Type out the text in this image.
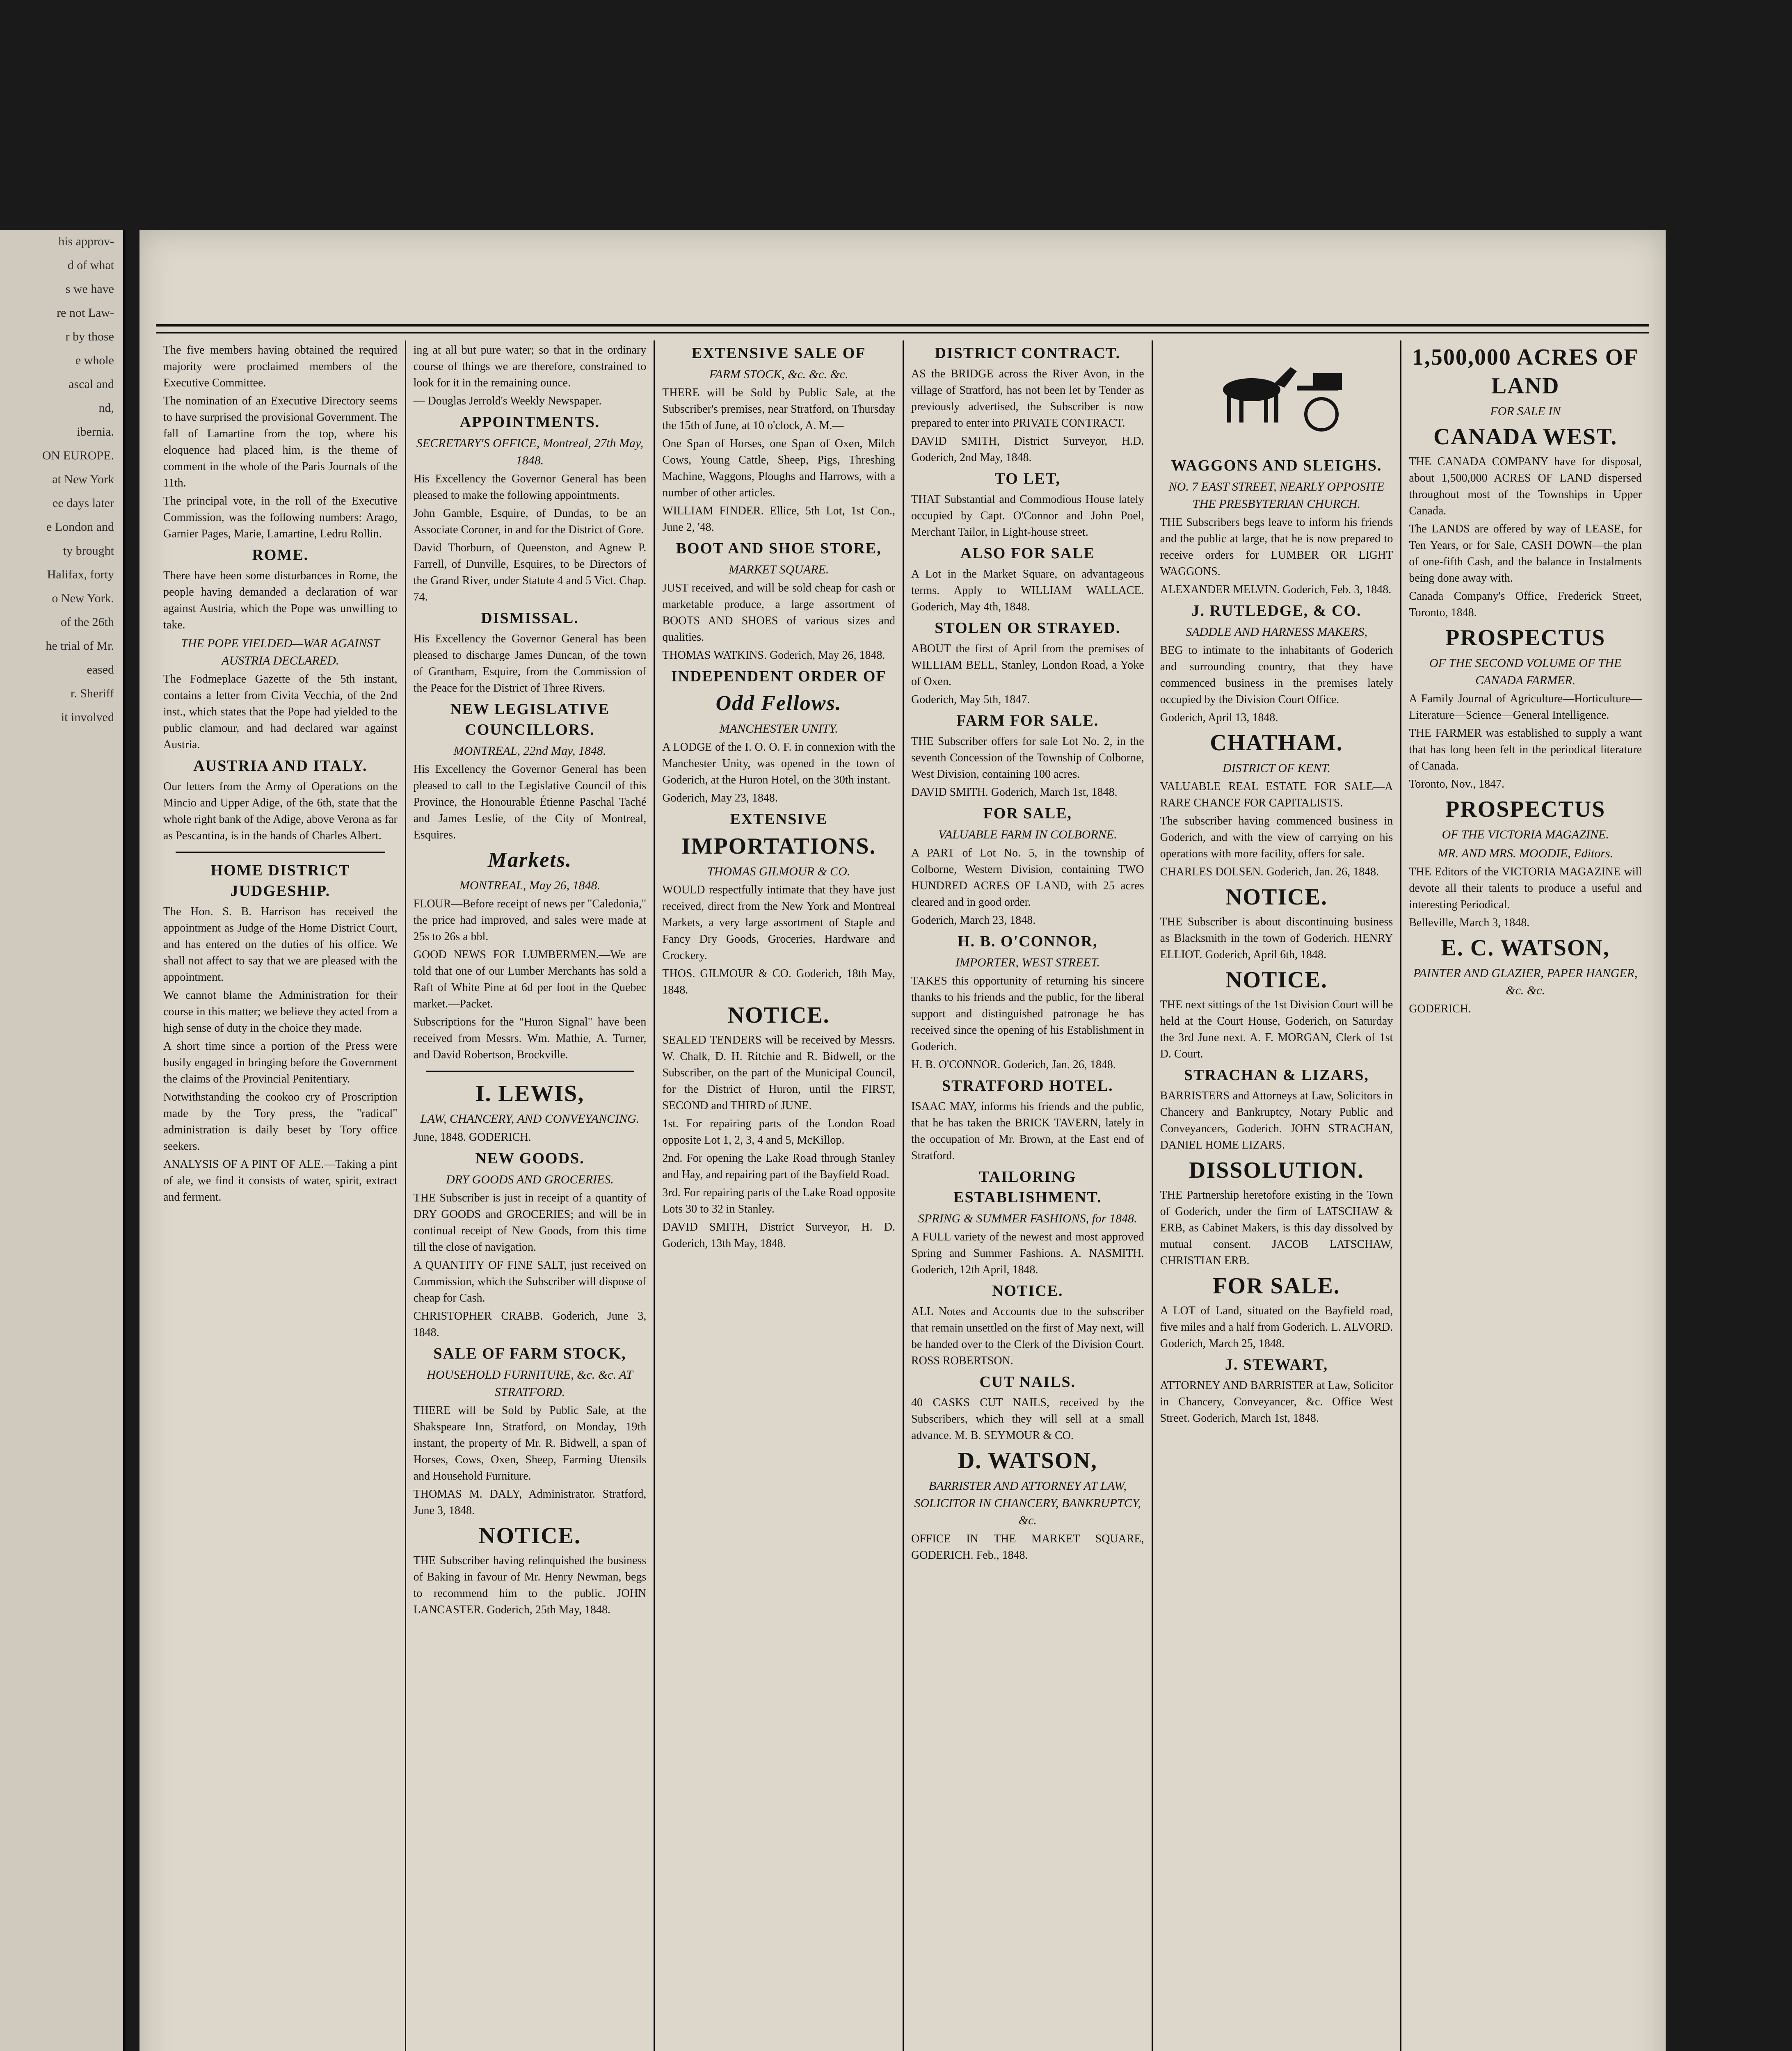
his approv-
d of what
s we have
re not Law-
r by those
e whole
ascal and
nd,
ibernia.
ON EUROPE.
at New York
ee days later
e London and
ty brought
Halifax, forty
o New York.
of the 26th
he trial of Mr.
eased
r. Sheriff
it involved
The five members having obtained the required majority were proclaimed members of the Executive Committee.
The nomination of an Executive Directory seems to have surprised the provisional Government. The fall of Lamartine from the top, where his eloquence had placed him, is the theme of comment in the whole of the Paris Journals of the 11th.
The principal vote, in the roll of the Executive Commission, was the following numbers: Arago, Garnier Pages, Marie, Lamartine, Ledru Rollin.
ROME.
There have been some disturbances in Rome, the people having demanded a declaration of war against Austria, which the Pope was unwilling to take.
THE POPE YIELDED—WAR AGAINST AUSTRIA DECLARED.
The Fodmeplace Gazette of the 5th instant, contains a letter from Civita Vecchia, of the 2nd inst., which states that the Pope had yielded to the public clamour, and had declared war against Austria.
AUSTRIA AND ITALY.
Our letters from the Army of Operations on the Mincio and Upper Adige, of the 6th, state that the whole right bank of the Adige, above Verona as far as Pescantina, is in the hands of Charles Albert.
HOME DISTRICT JUDGESHIP.
The Hon. S. B. Harrison has received the appointment as Judge of the Home District Court, and has entered on the duties of his office. We shall not affect to say that we are pleased with the appointment.
We cannot blame the Administration for their course in this matter; we believe they acted from a high sense of duty in the choice they made.
A short time since a portion of the Press were busily engaged in bringing before the Government the claims of the Provincial Penitentiary.
Notwithstanding the cookoo cry of Proscription made by the Tory press, the "radical" administration is daily beset by Tory office seekers.
ANALYSIS OF A PINT OF ALE.—Taking a pint of ale, we find it consists of water, spirit, extract and ferment.
ing at all but pure water; so that in the ordinary course of things we are therefore, constrained to look for it in the remaining ounce.
— Douglas Jerrold's Weekly Newspaper.
APPOINTMENTS.
SECRETARY'S OFFICE, Montreal, 27th May, 1848.
His Excellency the Governor General has been pleased to make the following appointments.
John Gamble, Esquire, of Dundas, to be an Associate Coroner, in and for the District of Gore.
David Thorburn, of Queenston, and Agnew P. Farrell, of Dunville, Esquires, to be Directors of the Grand River, under Statute 4 and 5 Vict. Chap. 74.
DISMISSAL.
His Excellency the Governor General has been pleased to discharge James Duncan, of the town of Grantham, Esquire, from the Commission of the Peace for the District of Three Rivers.
NEW LEGISLATIVE COUNCILLORS.
MONTREAL, 22nd May, 1848.
His Excellency the Governor General has been pleased to call to the Legislative Council of this Province, the Honourable Étienne Paschal Taché and James Leslie, of the City of Montreal, Esquires.
Markets.
MONTREAL, May 26, 1848.
FLOUR—Before receipt of news per "Caledonia," the price had improved, and sales were made at 25s to 26s a bbl.
GOOD NEWS FOR LUMBERMEN.—We are told that one of our Lumber Merchants has sold a Raft of White Pine at 6d per foot in the Quebec market.—Packet.
Subscriptions for the "Huron Signal" have been received from Messrs. Wm. Mathie, A. Turner, and David Robertson, Brockville.
I. LEWIS,
LAW, CHANCERY, AND CONVEYANCING.
June, 1848. GODERICH.
NEW GOODS.
DRY GOODS AND GROCERIES.
THE Subscriber is just in receipt of a quantity of DRY GOODS and GROCERIES; and will be in continual receipt of New Goods, from this time till the close of navigation.
A QUANTITY OF FINE SALT, just received on Commission, which the Subscriber will dispose of cheap for Cash.
CHRISTOPHER CRABB. Goderich, June 3, 1848.
SALE OF FARM STOCK,
HOUSEHOLD FURNITURE, &c. &c. AT STRATFORD.
THERE will be Sold by Public Sale, at the Shakspeare Inn, Stratford, on Monday, 19th instant, the property of Mr. R. Bidwell, a span of Horses, Cows, Oxen, Sheep, Farming Utensils and Household Furniture.
THOMAS M. DALY, Administrator. Stratford, June 3, 1848.
NOTICE.
THE Subscriber having relinquished the business of Baking in favour of Mr. Henry Newman, begs to recommend him to the public. JOHN LANCASTER. Goderich, 25th May, 1848.
EXTENSIVE SALE OF
FARM STOCK, &c. &c. &c.
THERE will be Sold by Public Sale, at the Subscriber's premises, near Stratford, on Thursday the 15th of June, at 10 o'clock, A. M.—
One Span of Horses, one Span of Oxen, Milch Cows, Young Cattle, Sheep, Pigs, Threshing Machine, Waggons, Ploughs and Harrows, with a number of other articles.
WILLIAM FINDER. Ellice, 5th Lot, 1st Con., June 2, '48.
BOOT AND SHOE STORE,
MARKET SQUARE.
JUST received, and will be sold cheap for cash or marketable produce, a large assortment of BOOTS AND SHOES of various sizes and qualities.
THOMAS WATKINS. Goderich, May 26, 1848.
INDEPENDENT ORDER OF
Odd Fellows.
MANCHESTER UNITY.
A LODGE of the I. O. O. F. in connexion with the Manchester Unity, was opened in the town of Goderich, at the Huron Hotel, on the 30th instant.
Goderich, May 23, 1848.
EXTENSIVE
IMPORTATIONS.
THOMAS GILMOUR & CO.
WOULD respectfully intimate that they have just received, direct from the New York and Montreal Markets, a very large assortment of Staple and Fancy Dry Goods, Groceries, Hardware and Crockery.
THOS. GILMOUR & CO. Goderich, 18th May, 1848.
NOTICE.
SEALED TENDERS will be received by Messrs. W. Chalk, D. H. Ritchie and R. Bidwell, or the Subscriber, on the part of the Municipal Council, for the District of Huron, until the FIRST, SECOND and THIRD of JUNE.
1st. For repairing parts of the London Road opposite Lot 1, 2, 3, 4 and 5, McKillop.
2nd. For opening the Lake Road through Stanley and Hay, and repairing part of the Bayfield Road.
3rd. For repairing parts of the Lake Road opposite Lots 30 to 32 in Stanley.
DAVID SMITH, District Surveyor, H. D. Goderich, 13th May, 1848.
DISTRICT CONTRACT.
AS the BRIDGE across the River Avon, in the village of Stratford, has not been let by Tender as previously advertised, the Subscriber is now prepared to enter into PRIVATE CONTRACT.
DAVID SMITH, District Surveyor, H.D. Goderich, 2nd May, 1848.
TO LET,
THAT Substantial and Commodious House lately occupied by Capt. O'Connor and John Poel, Merchant Tailor, in Light-house street.
ALSO FOR SALE
A Lot in the Market Square, on advantageous terms. Apply to WILLIAM WALLACE. Goderich, May 4th, 1848.
STOLEN OR STRAYED.
ABOUT the first of April from the premises of WILLIAM BELL, Stanley, London Road, a Yoke of Oxen.
Goderich, May 5th, 1847.
FARM FOR SALE.
THE Subscriber offers for sale Lot No. 2, in the seventh Concession of the Township of Colborne, West Division, containing 100 acres.
DAVID SMITH. Goderich, March 1st, 1848.
FOR SALE,
VALUABLE FARM IN COLBORNE.
A PART of Lot No. 5, in the township of Colborne, Western Division, containing TWO HUNDRED ACRES OF LAND, with 25 acres cleared and in good order.
Goderich, March 23, 1848.
H. B. O'CONNOR,
IMPORTER, WEST STREET.
TAKES this opportunity of returning his sincere thanks to his friends and the public, for the liberal support and distinguished patronage he has received since the opening of his Establishment in Goderich.
H. B. O'CONNOR. Goderich, Jan. 26, 1848.
STRATFORD HOTEL.
ISAAC MAY, informs his friends and the public, that he has taken the BRICK TAVERN, lately in the occupation of Mr. Brown, at the East end of Stratford.
TAILORING ESTABLISHMENT.
SPRING & SUMMER FASHIONS, for 1848.
A FULL variety of the newest and most approved Spring and Summer Fashions. A. NASMITH. Goderich, 12th April, 1848.
NOTICE.
ALL Notes and Accounts due to the subscriber that remain unsettled on the first of May next, will be handed over to the Clerk of the Division Court. ROSS ROBERTSON.
CUT NAILS.
40 CASKS CUT NAILS, received by the Subscribers, which they will sell at a small advance. M. B. SEYMOUR & CO.
D. WATSON,
BARRISTER AND ATTORNEY AT LAW, SOLICITOR IN CHANCERY, BANKRUPTCY, &c.
OFFICE IN THE MARKET SQUARE, GODERICH. Feb., 1848.
WAGGONS AND SLEIGHS.
NO. 7 EAST STREET, NEARLY OPPOSITE THE PRESBYTERIAN CHURCH.
THE Subscribers begs leave to inform his friends and the public at large, that he is now prepared to receive orders for LUMBER OR LIGHT WAGGONS.
ALEXANDER MELVIN. Goderich, Feb. 3, 1848.
J. RUTLEDGE, & CO.
SADDLE AND HARNESS MAKERS,
BEG to intimate to the inhabitants of Goderich and surrounding country, that they have commenced business in the premises lately occupied by the Division Court Office.
Goderich, April 13, 1848.
CHATHAM.
DISTRICT OF KENT.
VALUABLE REAL ESTATE FOR SALE—A RARE CHANCE FOR CAPITALISTS.
The subscriber having commenced business in Goderich, and with the view of carrying on his operations with more facility, offers for sale.
CHARLES DOLSEN. Goderich, Jan. 26, 1848.
NOTICE.
THE Subscriber is about discontinuing business as Blacksmith in the town of Goderich. HENRY ELLIOT. Goderich, April 6th, 1848.
NOTICE.
THE next sittings of the 1st Division Court will be held at the Court House, Goderich, on Saturday the 3rd June next. A. F. MORGAN, Clerk of 1st D. Court.
STRACHAN & LIZARS,
BARRISTERS and Attorneys at Law, Solicitors in Chancery and Bankruptcy, Notary Public and Conveyancers, Goderich. JOHN STRACHAN, DANIEL HOME LIZARS.
DISSOLUTION.
THE Partnership heretofore existing in the Town of Goderich, under the firm of LATSCHAW & ERB, as Cabinet Makers, is this day dissolved by mutual consent. JACOB LATSCHAW, CHRISTIAN ERB.
FOR SALE.
A LOT of Land, situated on the Bayfield road, five miles and a half from Goderich. L. ALVORD. Goderich, March 25, 1848.
J. STEWART,
ATTORNEY AND BARRISTER at Law, Solicitor in Chancery, Conveyancer, &c. Office West Street. Goderich, March 1st, 1848.
1,500,000 ACRES OF LAND
FOR SALE IN
CANADA WEST.
THE CANADA COMPANY have for disposal, about 1,500,000 ACRES OF LAND dispersed throughout most of the Townships in Upper Canada.
The LANDS are offered by way of LEASE, for Ten Years, or for Sale, CASH DOWN—the plan of one-fifth Cash, and the balance in Instalments being done away with.
Canada Company's Office, Frederick Street, Toronto, 1848.
PROSPECTUS
OF THE SECOND VOLUME OF THE CANADA FARMER.
A Family Journal of Agriculture—Horticulture—Literature—Science—General Intelligence.
THE FARMER was established to supply a want that has long been felt in the periodical literature of Canada.
Toronto, Nov., 1847.
PROSPECTUS
OF THE VICTORIA MAGAZINE.
MR. AND MRS. MOODIE, Editors.
THE Editors of the VICTORIA MAGAZINE will devote all their talents to produce a useful and interesting Periodical.
Belleville, March 3, 1848.
E. C. WATSON,
PAINTER AND GLAZIER, PAPER HANGER, &c. &c.
GODERICH.
